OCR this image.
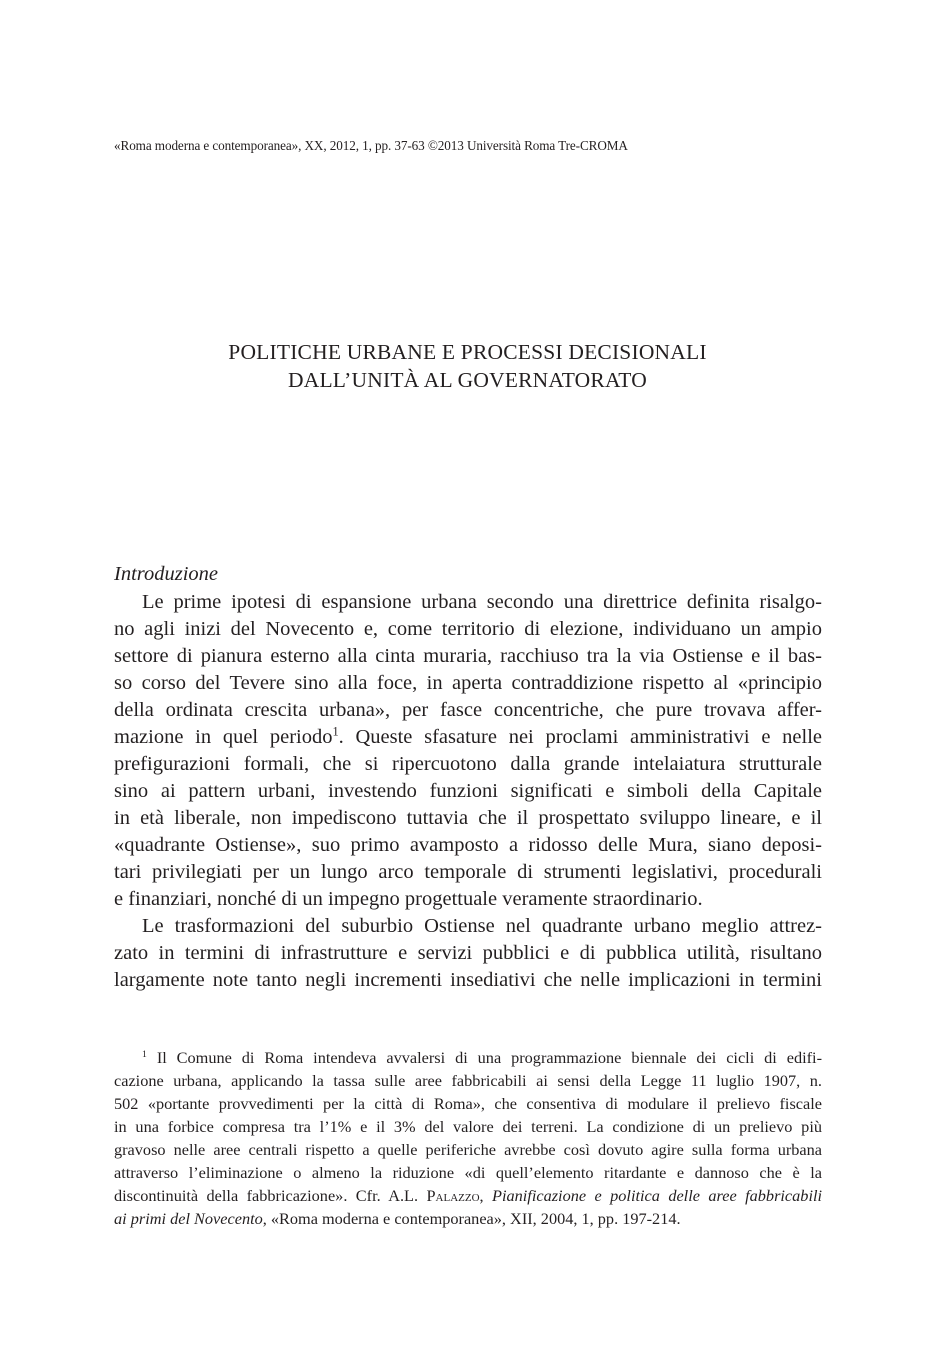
«Roma moderna e contemporanea», XX, 2012, 1, pp. 37-63 ©2013 Università Roma Tre-CROMA

POLITICHE URBANE E PROCESSI DECISIONALI

DALL’UNITÀ AL GOVERNATORATO

Introduzione

Le prime ipotesi di espansione urbana secondo una direttrice definita risalgo-

no agli inizi del Novecento e, come territorio di elezione, individuano un ampio

settore di pianura esterno alla cinta muraria, racchiuso tra la via Ostiense e il bas-

so corso del Tevere sino alla foce, in aperta contraddizione rispetto al «principio

della ordinata crescita urbana», per fasce concentriche, che pure trovava affer-

mazione in quel periodo$^1$. Queste sfasature nei proclami amministrativi e nelle

prefigurazioni formali, che si ripercuotono dalla grande intelaiatura strutturale

sino ai pattern urbani, investendo funzioni significati e simboli della Capitale

in età liberale, non impediscono tuttavia che il prospettato sviluppo lineare, e il

«quadrante Ostiense», suo primo avamposto a ridosso delle Mura, siano deposi-

tari privilegiati per un lungo arco temporale di strumenti legislativi, procedurali

e finanziari, nonché di un impegno progettuale veramente straordinario.

Le trasformazioni del suburbio Ostiense nel quadrante urbano meglio attrez-

zato in termini di infrastrutture e servizi pubblici e di pubblica utilità, risultano

largamente note tanto negli incrementi insediativi che nelle implicazioni in termini

$^1$ Il Comune di Roma intendeva avvalersi di una programmazione biennale dei cicli di edifi-

cazione urbana, applicando la tassa sulle aree fabbricabili ai sensi della Legge 11 luglio 1907, n.

502 «portante provvedimenti per la città di Roma», che consentiva di modulare il prelievo fiscale

in una forbice compresa tra l’1% e il 3% del valore dei terreni. La condizione di un prelievo più

gravoso nelle aree centrali rispetto a quelle periferiche avrebbe così dovuto agire sulla forma urbana

attraverso l’eliminazione o almeno la riduzione «di quell’elemento ritardante e dannoso che è la

discontinuità della fabbricazione». Cfr. A.L. Palazzo, Pianificazione e politica delle aree fabbricabili

ai primi del Novecento, «Roma moderna e contemporanea», XII, 2004, 1, pp. 197-214.
